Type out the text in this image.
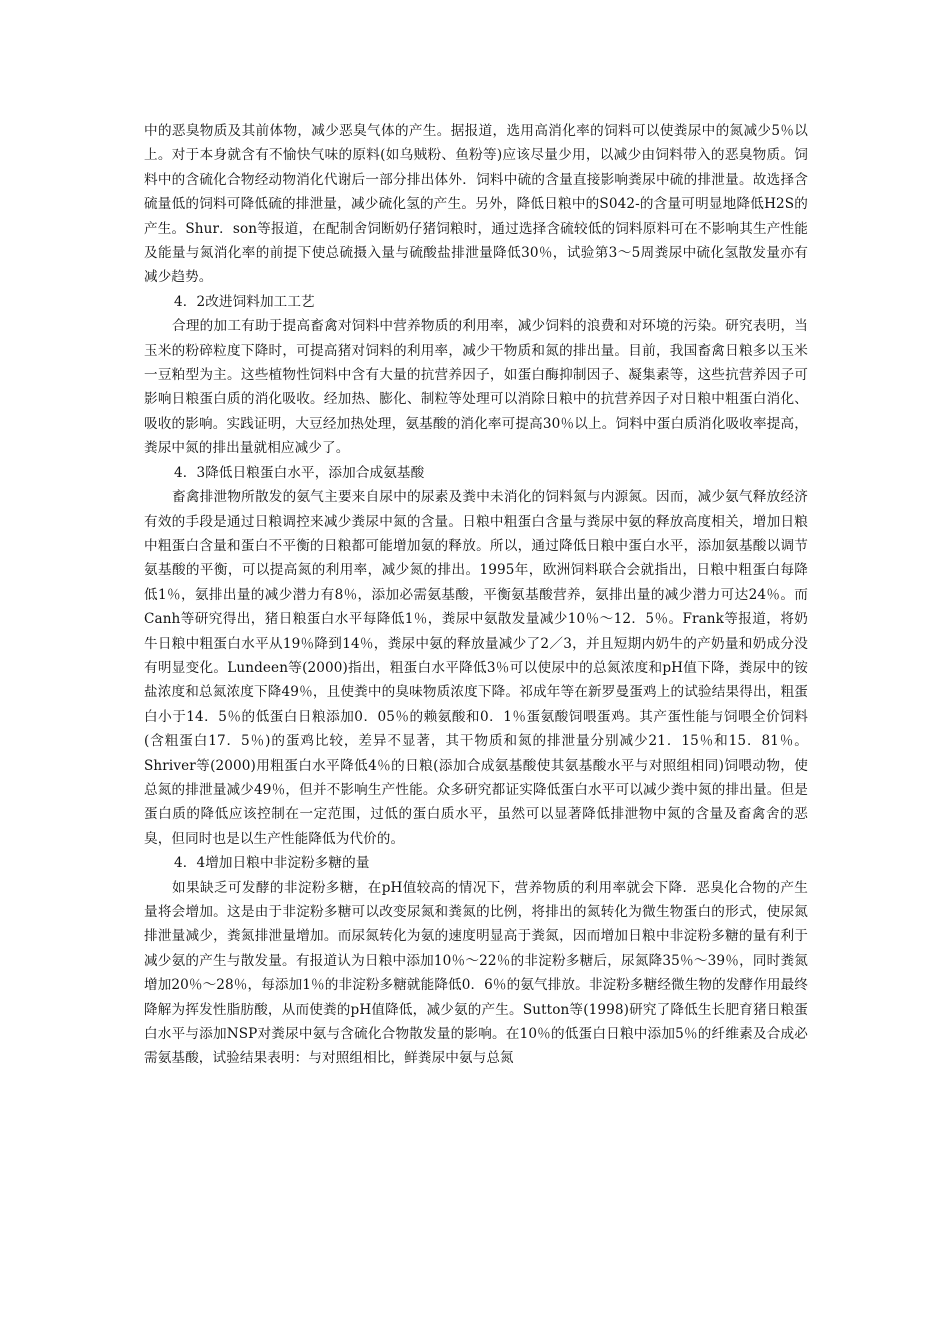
中的恶臭物质及其前体物，减少恶臭气体的产生。据报道，选用高消化率的饲料可以使粪尿中的氮减少5％以上。对于本身就含有不愉快气味的原料(如乌贼粉、鱼粉等)应该尽量少用，以减少由饲料带入的恶臭物质。饲料中的含硫化合物经动物消化代谢后一部分排出体外．饲料中硫的含量直接影响粪尿中硫的排泄量。故选择含硫量低的饲料可降低硫的排泄量，减少硫化氢的产生。另外，降低日粮中的S042-的含量可明显地降低H2S的产生。Shur．son等报道，在配制舍饲断奶仔猪饲粮时，通过选择含硫较低的饲料原料可在不影响其生产性能及能量与氮消化率的前提下使总硫摄入量与硫酸盐排泄量降低30％，试验第3～5周粪尿中硫化氢散发量亦有减少趋势。

4．2改进饲料加工工艺

合理的加工有助于提高畜禽对饲料中营养物质的利用率，减少饲料的浪费和对环境的污染。研究表明，当玉米的粉碎粒度下降时，可提高猪对饲料的利用率，减少干物质和氮的排出量。目前，我国畜禽日粮多以玉米一豆粕型为主。这些植物性饲料中含有大量的抗营养因子，如蛋白酶抑制因子、凝集素等，这些抗营养因子可影响日粮蛋白质的消化吸收。经加热、膨化、制粒等处理可以消除日粮中的抗营养因子对日粮中粗蛋白消化、吸收的影响。实践证明，大豆经加热处理，氨基酸的消化率可提高30％以上。饲料中蛋白质消化吸收率提高，粪尿中氮的排出量就相应减少了。

4．3降低日粮蛋白水平，添加合成氨基酸

畜禽排泄物所散发的氨气主要来自尿中的尿素及粪中未消化的饲料氮与内源氮。因而，减少氨气释放经济有效的手段是通过日粮调控来减少粪尿中氮的含量。日粮中粗蛋白含量与粪尿中氨的释放高度相关，增加日粮中粗蛋白含量和蛋白不平衡的日粮都可能增加氨的释放。所以，通过降低日粮中蛋白水平，添加氨基酸以调节氨基酸的平衡，可以提高氮的利用率，减少氮的排出。1995年，欧洲饲料联合会就指出，日粮中粗蛋白每降低1％，氨排出量的减少潜力有8％，添加必需氨基酸，平衡氨基酸营养，氨排出量的减少潜力可达24％。而Canh等研究得出，猪日粮蛋白水平每降低1％，粪尿中氨散发量减少10％～12．5％。Frank等报道，将奶牛日粮中粗蛋白水平从19％降到14％，粪尿中氨的释放量减少了2／3，并且短期内奶牛的产奶量和奶成分没有明显变化。Lundeen等(2000)指出，粗蛋白水平降低3％可以使尿中的总氮浓度和pH值下降，粪尿中的铵盐浓度和总氮浓度下降49％，且使粪中的臭味物质浓度下降。祁成年等在新罗曼蛋鸡上的试验结果得出，粗蛋白小于14．5％的低蛋白日粮添加0．05％的赖氨酸和0．1％蛋氨酸饲喂蛋鸡。其产蛋性能与饲喂全价饲料(含粗蛋白17．5％)的蛋鸡比较，差异不显著，其干物质和氮的排泄量分别减少21．15％和15．81％。Shriver等(2000)用粗蛋白水平降低4％的日粮(添加合成氨基酸使其氨基酸水平与对照组相同)饲喂动物，使总氮的排泄量减少49％，但并不影响生产性能。众多研究都证实降低蛋白水平可以减少粪中氮的排出量。但是蛋白质的降低应该控制在一定范围，过低的蛋白质水平，虽然可以显著降低排泄物中氮的含量及畜禽舍的恶臭，但同时也是以生产性能降低为代价的。

4．4增加日粮中非淀粉多糖的量

如果缺乏可发酵的非淀粉多糖，在pH值较高的情况下，营养物质的利用率就会下降．恶臭化合物的产生量将会增加。这是由于非淀粉多糖可以改变尿氮和粪氮的比例，将排出的氮转化为微生物蛋白的形式，使尿氮排泄量减少，粪氮排泄量增加。而尿氮转化为氨的速度明显高于粪氮，因而增加日粮中非淀粉多糖的量有利于减少氨的产生与散发量。有报道认为日粮中添加10％～22％的非淀粉多糖后，尿氮降35％～39％，同时粪氮增加20％～28％，每添加1％的非淀粉多糖就能降低0．6％的氨气排放。非淀粉多糖经微生物的发酵作用最终降解为挥发性脂肪酸，从而使粪的pH值降低，减少氨的产生。Sutton等(1998)研究了降低生长肥育猪日粮蛋白水平与添加NSP对粪尿中氨与含硫化合物散发量的影响。在10％的低蛋白日粮中添加5％的纤维素及合成必需氨基酸，试验结果表明：与对照组相比，鲜粪尿中氨与总氮
